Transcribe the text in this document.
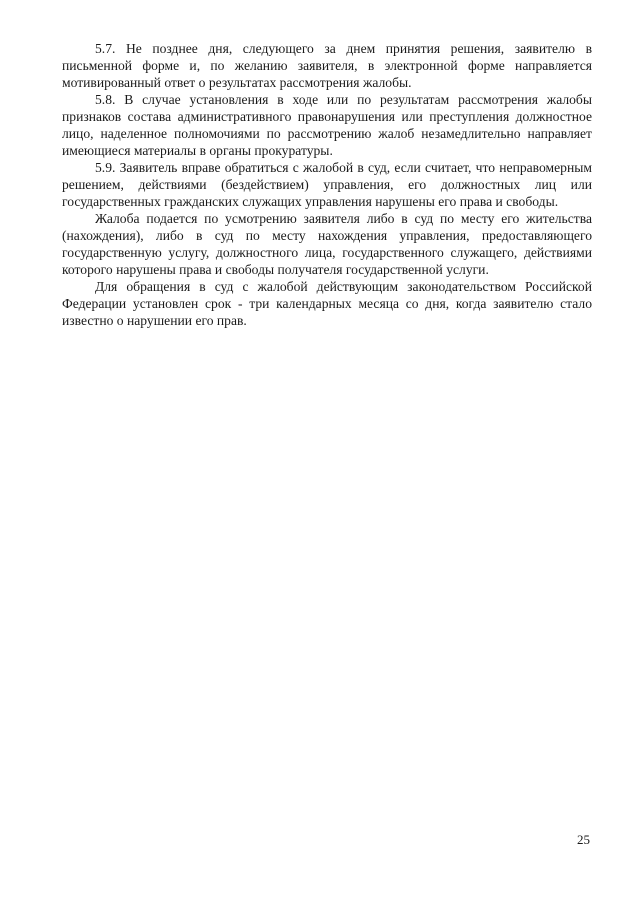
5.7. Не позднее дня, следующего за днем принятия решения, заявителю в письменной форме и, по желанию заявителя, в электронной форме направляется мотивированный ответ о результатах рассмотрения жалобы.

5.8. В случае установления в ходе или по результатам рассмотрения жалобы признаков состава административного правонарушения или преступления должностное лицо, наделенное полномочиями по рассмотрению жалоб незамедлительно направляет имеющиеся материалы в органы прокуратуры.

5.9. Заявитель вправе обратиться с жалобой в суд, если считает, что неправомерным решением, действиями (бездействием) управления, его должностных лиц или государственных гражданских служащих управления нарушены его права и свободы.

Жалоба подается по усмотрению заявителя либо в суд по месту его жительства (нахождения), либо в суд по месту нахождения управления, предоставляющего государственную услугу, должностного лица, государственного служащего, действиями которого нарушены права и свободы получателя государственной услуги.

Для обращения в суд с жалобой действующим законодательством Российской Федерации установлен срок - три календарных месяца со дня, когда заявителю стало известно о нарушении его прав.

25
